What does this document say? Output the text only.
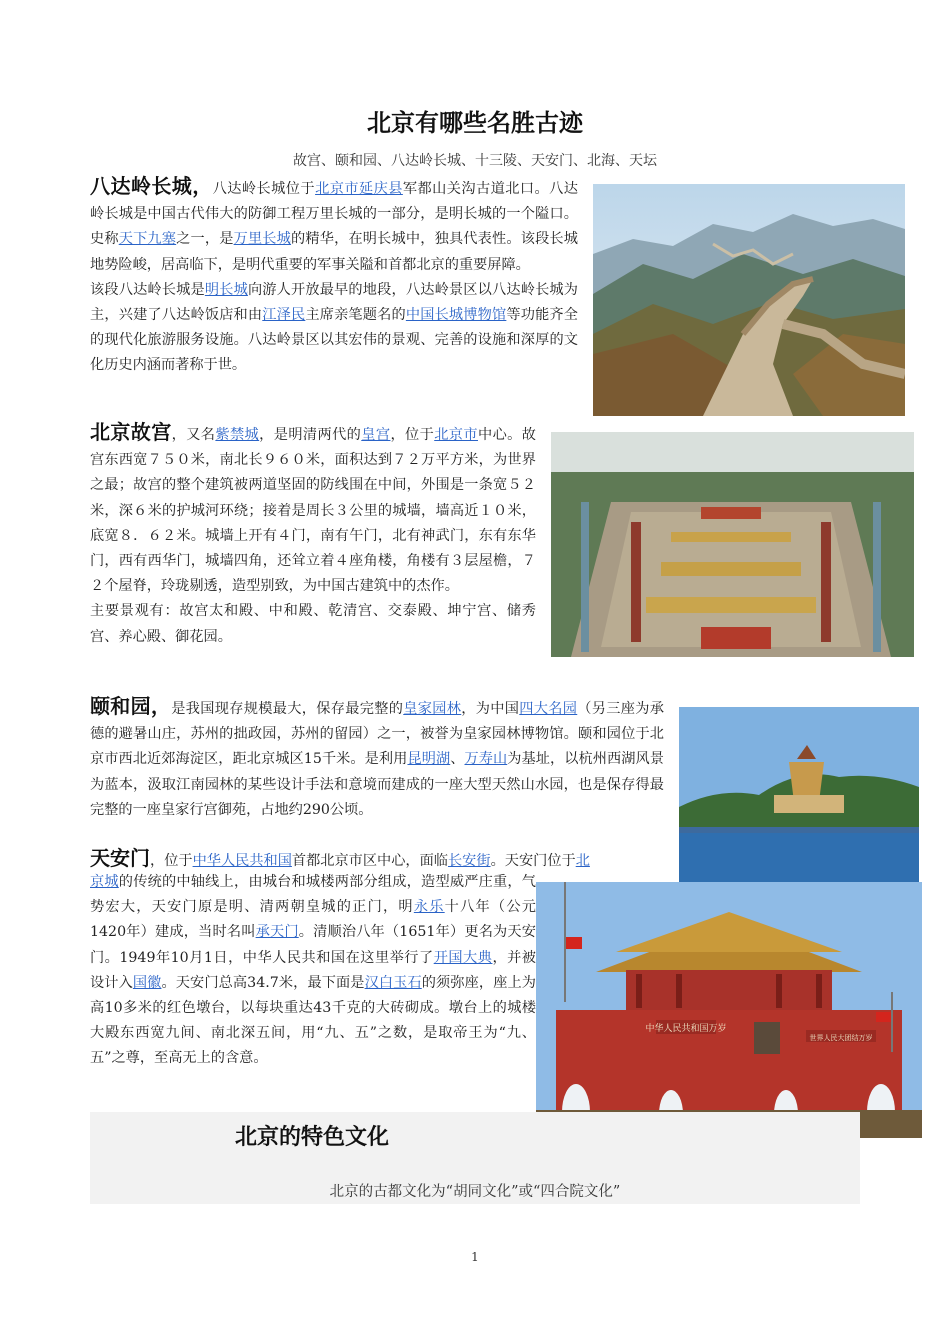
北京有哪些名胜古迹
故宫、颐和园、八达岭长城、十三陵、天安门、北海、天坛
八达岭长城，八达岭长城位于北京市延庆县军都山关沟古道北口。八达岭长城是中国古代伟大的防御工程万里长城的一部分，是明长城的一个隘口。史称天下九塞之一，是万里长城的精华，在明长城中，独具代表性。该段长城地势险峻，居高临下，是明代重要的军事关隘和首都北京的重要屏障。
该段八达岭长城是明长城向游人开放最早的地段，八达岭景区以八达岭长城为主，兴建了八达岭饭店和由江泽民主席亲笔题名的中国长城博物馆等功能齐全的现代化旅游服务设施。八达岭景区以其宏伟的景观、完善的设施和深厚的文化历史内涵而著称于世。
北京故宫，又名紫禁城，是明清两代的皇宫，位于北京市中心。故宫东西宽７５０米，南北长９６０米，面积达到７２万平方米，为世界之最；故宫的整个建筑被两道坚固的防线围在中间，外围是一条宽５２米，深６米的护城河环绕；接着是周长３公里的城墙，墙高近１０米，底宽８．６２米。城墙上开有４门，南有午门，北有神武门，东有东华门，西有西华门，城墙四角，还耸立着４座角楼，角楼有３层屋檐，７２个屋脊，玲珑剔透，造型别致，为中国古建筑中的杰作。
主要景观有：故宫太和殿、中和殿、乾清宫、交泰殿、坤宁宫、储秀宫、养心殿、御花园。
颐和园，是我国现存规模最大，保存最完整的皇家园林，为中国四大名园（另三座为承德的避暑山庄，苏州的拙政园，苏州的留园）之一，被誉为皇家园林博物馆。颐和园位于北京市西北近郊海淀区，距北京城区15千米。是利用昆明湖、万寿山为基址，以杭州西湖风景为蓝本，汲取江南园林的某些设计手法和意境而建成的一座大型天然山水园，也是保存得最完整的一座皇家行宫御苑，占地约290公顷。
天安门，位于中华人民共和国首都北京市区中心，面临长安街。天安门位于北
京城的传统的中轴线上，由城台和城楼两部分组成，造型威严庄重，气势宏大，天安门原是明、清两朝皇城的正门，明永乐十八年（公元1420年）建成，当时名叫承天门。清顺治八年（1651年）更名为天安门。1949年10月1日，中华人民共和国在这里举行了开国大典，并被设计入国徽。天安门总高34.7米，最下面是汉白玉石的须弥座，座上为高10多米的红色墩台，以每块重达43千克的大砖砌成。墩台上的城楼大殿东西宽九间、南北深五间，用“九、五”之数，是取帝王为“九、五”之尊，至高无上的含意。
中华人民共和国万岁
世界人民大团结万岁
北京的特色文化
北京的古都文化为“胡同文化”或“四合院文化”
1
